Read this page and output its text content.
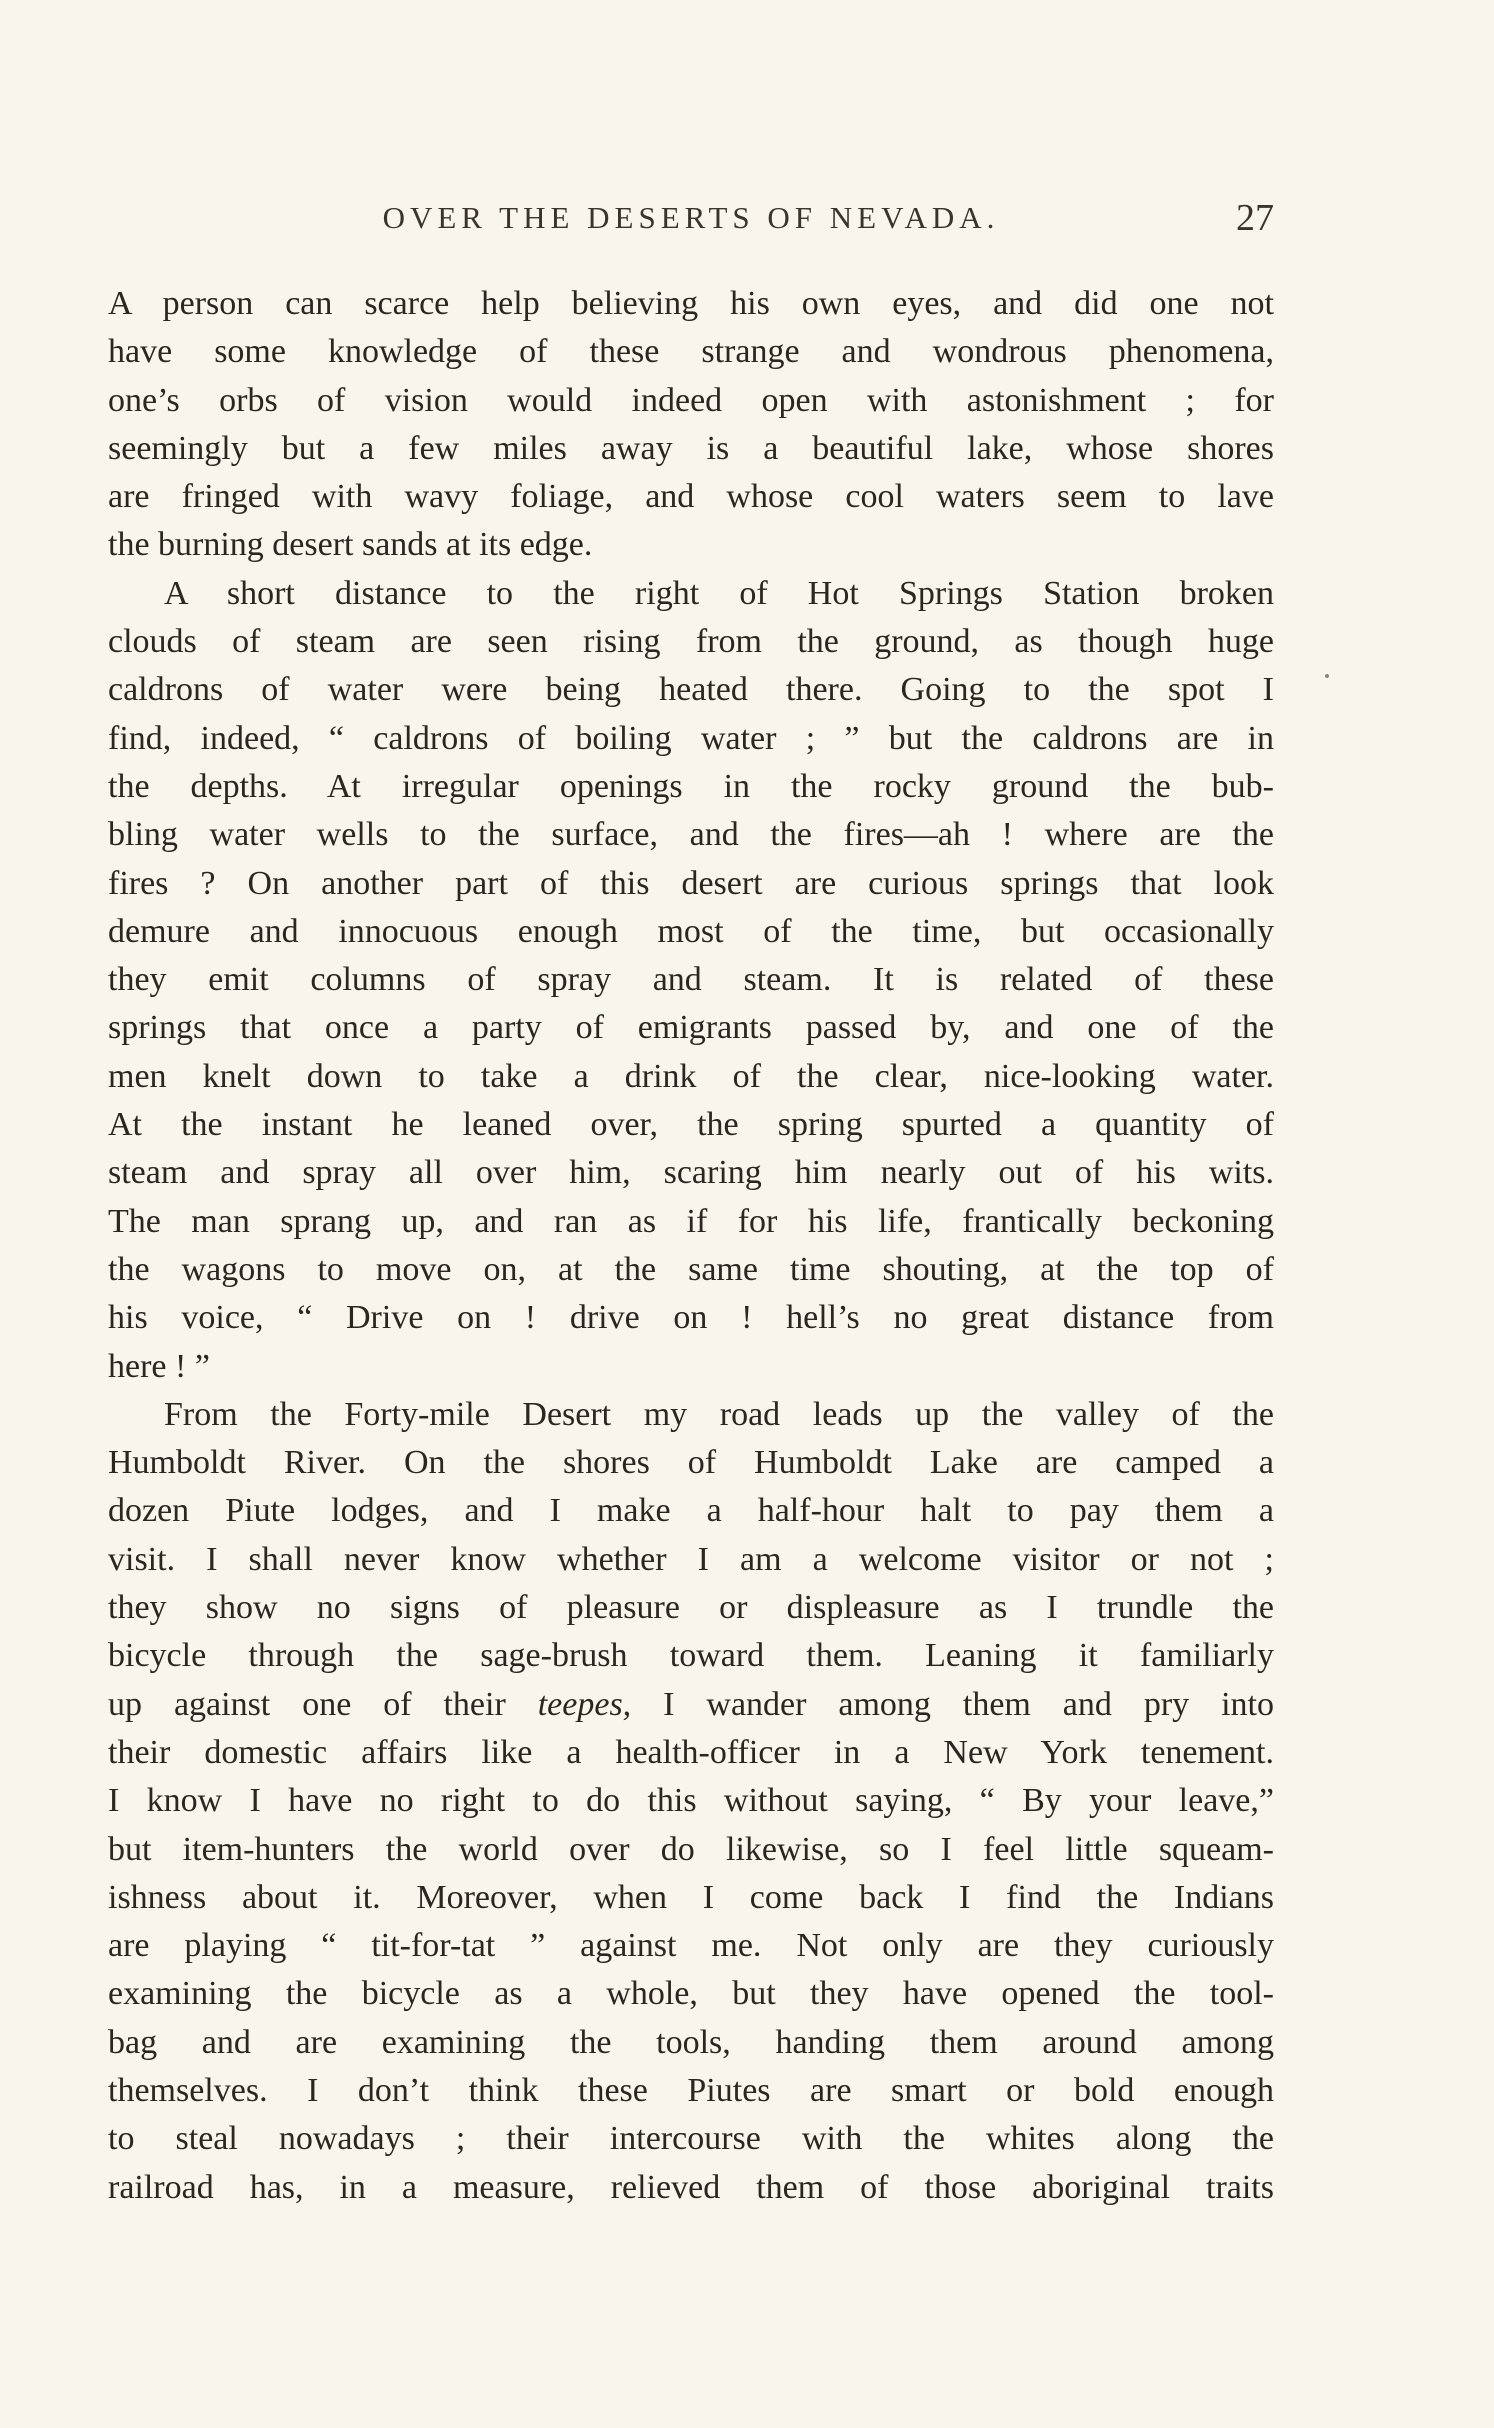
OVER THE DESERTS OF NEVADA.	27
A person can scarce help believing his own eyes, and did one not
have some knowledge of these strange and wondrous phenomena,
one’s orbs of vision would indeed open with astonishment ; for
seemingly but a few miles away is a beautiful lake, whose shores
are fringed with wavy foliage, and whose cool waters seem to lave
the burning desert sands at its edge.
A short distance to the right of Hot Springs Station broken
clouds of steam are seen rising from the ground, as though huge
caldrons of water were being heated there. Going to the spot I
find, indeed, “ caldrons of boiling water ; ” but the caldrons are in
the depths. At irregular openings in the rocky ground the bub-
bling water wells to the surface, and the fires—ah ! where are the
fires ? On another part of this desert are curious springs that look
demure and innocuous enough most of the time, but occasionally
they emit columns of spray and steam. It is related of these
springs that once a party of emigrants passed by, and one of the
men knelt down to take a drink of the clear, nice-looking water.
At the instant he leaned over, the spring spurted a quantity of
steam and spray all over him, scaring him nearly out of his wits.
The man sprang up, and ran as if for his life, frantically beckoning
the wagons to move on, at the same time shouting, at the top of
his voice, “ Drive on ! drive on ! hell’s no great distance from
here ! ”
From the Forty-mile Desert my road leads up the valley of the
Humboldt River. On the shores of Humboldt Lake are camped a
dozen Piute lodges, and I make a half-hour halt to pay them a
visit. I shall never know whether I am a welcome visitor or not ;
they show no signs of pleasure or displeasure as I trundle the
bicycle through the sage-brush toward them. Leaning it familiarly
up against one of their teepes, I wander among them and pry into
their domestic affairs like a health-officer in a New York tenement.
I know I have no right to do this without saying, “ By your leave,”
but item-hunters the world over do likewise, so I feel little squeam-
ishness about it. Moreover, when I come back I find the Indians
are playing “ tit-for-tat ” against me. Not only are they curiously
examining the bicycle as a whole, but they have opened the tool-
bag and are examining the tools, handing them around among
themselves. I don’t think these Piutes are smart or bold enough
to steal nowadays ; their intercourse with the whites along the
railroad has, in a measure, relieved them of those aboriginal traits
